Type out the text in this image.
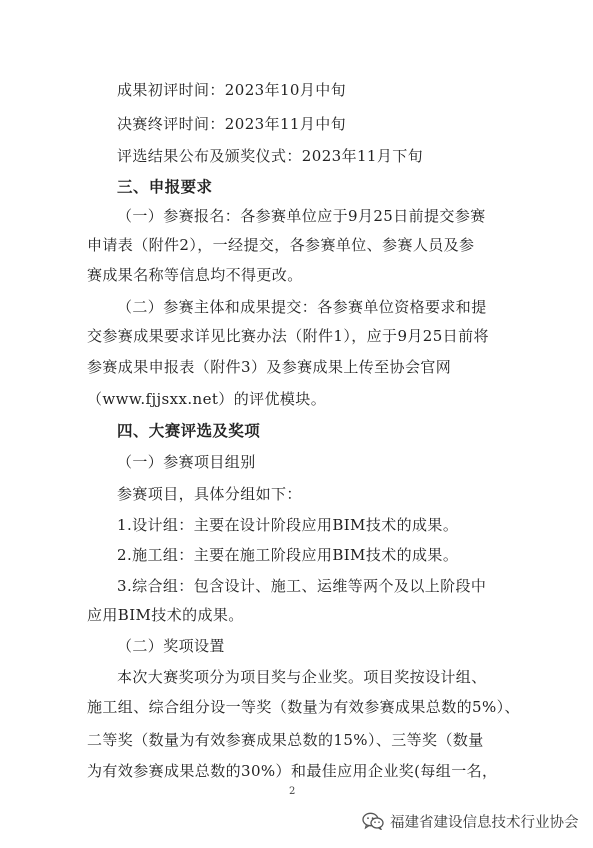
成果初评时间：2023年10月中旬
决赛终评时间：2023年11月中旬
评选结果公布及颁奖仪式：2023年11月下旬
三、申报要求
（一）参赛报名：各参赛单位应于9月25日前提交参赛
申请表（附件2），一经提交，各参赛单位、参赛人员及参
赛成果名称等信息均不得更改。
（二）参赛主体和成果提交：各参赛单位资格要求和提
交参赛成果要求详见比赛办法（附件1），应于9月25日前将
参赛成果申报表（附件3）及参赛成果上传至协会官网
（www.fjjsxx.net）的评优模块。
四、大赛评选及奖项
（一）参赛项目组别
参赛项目，具体分组如下：
1.设计组：主要在设计阶段应用BIM技术的成果。
2.施工组：主要在施工阶段应用BIM技术的成果。
3.综合组：包含设计、施工、运维等两个及以上阶段中
应用BIM技术的成果。
（二）奖项设置
本次大赛奖项分为项目奖与企业奖。项目奖按设计组、
施工组、综合组分设一等奖（数量为有效参赛成果总数的5%）、
二等奖（数量为有效参赛成果总数的15%）、三等奖（数量
为有效参赛成果总数的30%）和最佳应用企业奖(每组一名，
2
福建省建设信息技术行业协会
